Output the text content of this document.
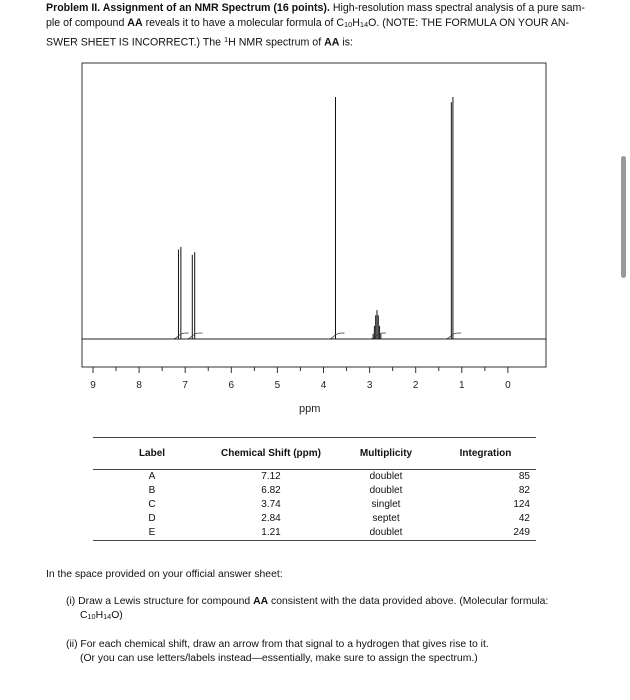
Problem II. Assignment of an NMR Spectrum (16 points). High-resolution mass spectral analysis of a pure sam-ple of compound AA reveals it to have a molecular formula of C10H14O. (NOTE: THE FORMULA ON YOUR AN-SWER SHEET IS INCORRECT.) The $^1$H NMR spectrum of AA is:
9	8	7	6	5	4	3	2	1	0
ppm
Label	Chemical Shift (ppm)	Multiplicity	Integration
A	7.12	doublet	85
B	6.82	doublet	82
C	3.74	singlet	124
D	2.84	septet	42
E	1.21	doublet	249
In the space provided on your official answer sheet:
(i) Draw a Lewis structure for compound AA consistent with the data provided above. (Molecular formula:
C10H14O)
(ii) For each chemical shift, draw an arrow from that signal to a hydrogen that gives rise to it.
(Or you can use letters/labels instead—essentially, make sure to assign the spectrum.)
